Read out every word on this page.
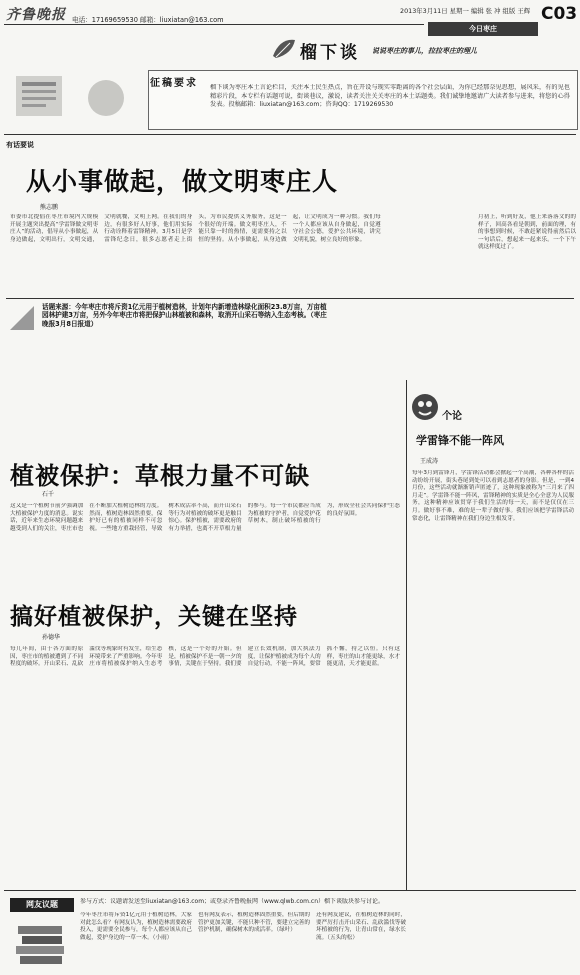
齐鲁晚报 电话：17169659530 邮箱：liuxiatan@163.com
2013年3月11日 星期一 编辑 张 冲 组版 王辉 C03
今日枣庄
榴下谈 说说枣庄的事儿，拉拉枣庄的理儿
征稿要求 榴下谈为枣庄本土言论栏目，关注本土民生热点，旨在开设与现实零距离的各个社会层面，为你已经那奈见思想，展风采，有的见也精彩片段，本专栏有话题可说，街谈巷议，激说，读者关注关关枣庄的本土话题类。我们诚挚地邀请广大读者参与进来，将您的心得发表。投稿邮箱：liuxiatan@163.com；咨询QQ：1719269530
有话要说
从小事做起，做文明枣庄人
熊志鹏
市委市北提倡在枣庄市境内大规模开展主题突出提高“学雷锋做文明枣庄人”的活动，倡导从小事做起，从身边做起，文明出行，文明交通，文明就餐，文明上网。在我们的身边，有很多好人好事，他们用实际行动诠释着雷锋精神。3月5日是学雷锋纪念日，很多志愿者走上街头，为市民提供义务服务，这是一个很好的开端。做文明枣庄人，不能只靠一时的热情，更需要持之以恒的坚持。从小事做起，从身边做起，让文明成为一种习惯。我们每一个人都应该从自身做起，自觉遵守社会公德，爱护公共环境，讲究文明礼貌，树立良好的形象。
月初上，听到好友，他上来落落文的的样子，回高各看是朝到，前面的理，有的事想到时候，不敢赶紧说得前然后以一句话后，想起来一起来乐。一个下午就这样度过了。
话题来源：今年枣庄市将斥资1亿元用于植树造林，计划年内新增造林绿化面积23.8万亩，万亩植园林护建3万亩，另外今年枣庄市将把保护山林植被和森林，取消开山采石等纳入生态考核。（枣庄晚报3月8日报道）
植被保护：草根力量不可缺
石千
这又是一个植树节前夕强调加大植被保护力度的消息。说实话，近年来生态环境问题越来越受到人们的关注，枣庄市也在不断加大植树造林的力度。然而，植树造林固然重要，保护好已有的植被同样不可忽视。一些地方重栽轻管，导致树木成活率不高，而开山采石等行为对植被的破坏更是触目惊心。保护植被，需要政府的有力举措，也离不开草根力量的参与。每一个市民都应当成为植被的守护者，自觉爱护花草树木，制止破坏植被的行为，形成全社会共同保护生态的良好氛围。
搞好植被保护，关键在坚持
孙德华
每几年间，由于各方面的原因，枣庄市的植被遭到了不同程度的破坏。开山采石、乱砍滥伐等现象时有发生，给生态环境带来了严重影响。今年枣庄市将植被保护纳入生态考核，这是一个好的开始。但是，植被保护不是一朝一夕的事情，关键在于坚持。我们要建立长效机制，加大执法力度，让保护植被成为每个人的自觉行动，不能一阵风，要常抓不懈，持之以恒。只有这样，枣庄的山才能更绿，水才能更清，天才能更蓝。
个论
学雷锋不能一阵风
王成涛
每年3月到雷锋月，学雷锋活动都会掀起一个高潮，各种各样的活动纷纷开展，街头巷尾到处可以看到志愿者的身影。但是，一到4月份，这些活动就渐渐销声匿迹了，这种现象被称为“三月来了四月走”。学雷锋不能一阵风，雷锋精神的实质是全心全意为人民服务，这种精神应该贯穿于我们生活的每一天，而不是仅仅在三月。做好事不难，难的是一辈子做好事。我们应该把学雷锋活动常态化，让雷锋精神在我们身边生根发芽。
网友议题	参与方式：议题请发送至liuxiatan@163.com；或登录齐鲁晚报网（www.qlwb.com.cn）榴下谈版块参与讨论。
今年枣庄市将斥资1亿元用于植树造林，大家对此怎么看？有网友认为，植树造林需要政府投入，更需要全民参与，每个人都应该从自己做起，爱护身边的一草一木。（小雨）
也有网友表示，植树造林固然重要，但后期的管护更加关键，不能只种不管，要建立完善的管护机制，确保树木的成活率。（绿叶）
还有网友建议，在植树造林的同时，要严厉打击开山采石、乱砍滥伐等破坏植被的行为，让青山常在，绿水长流。（五头的松）
